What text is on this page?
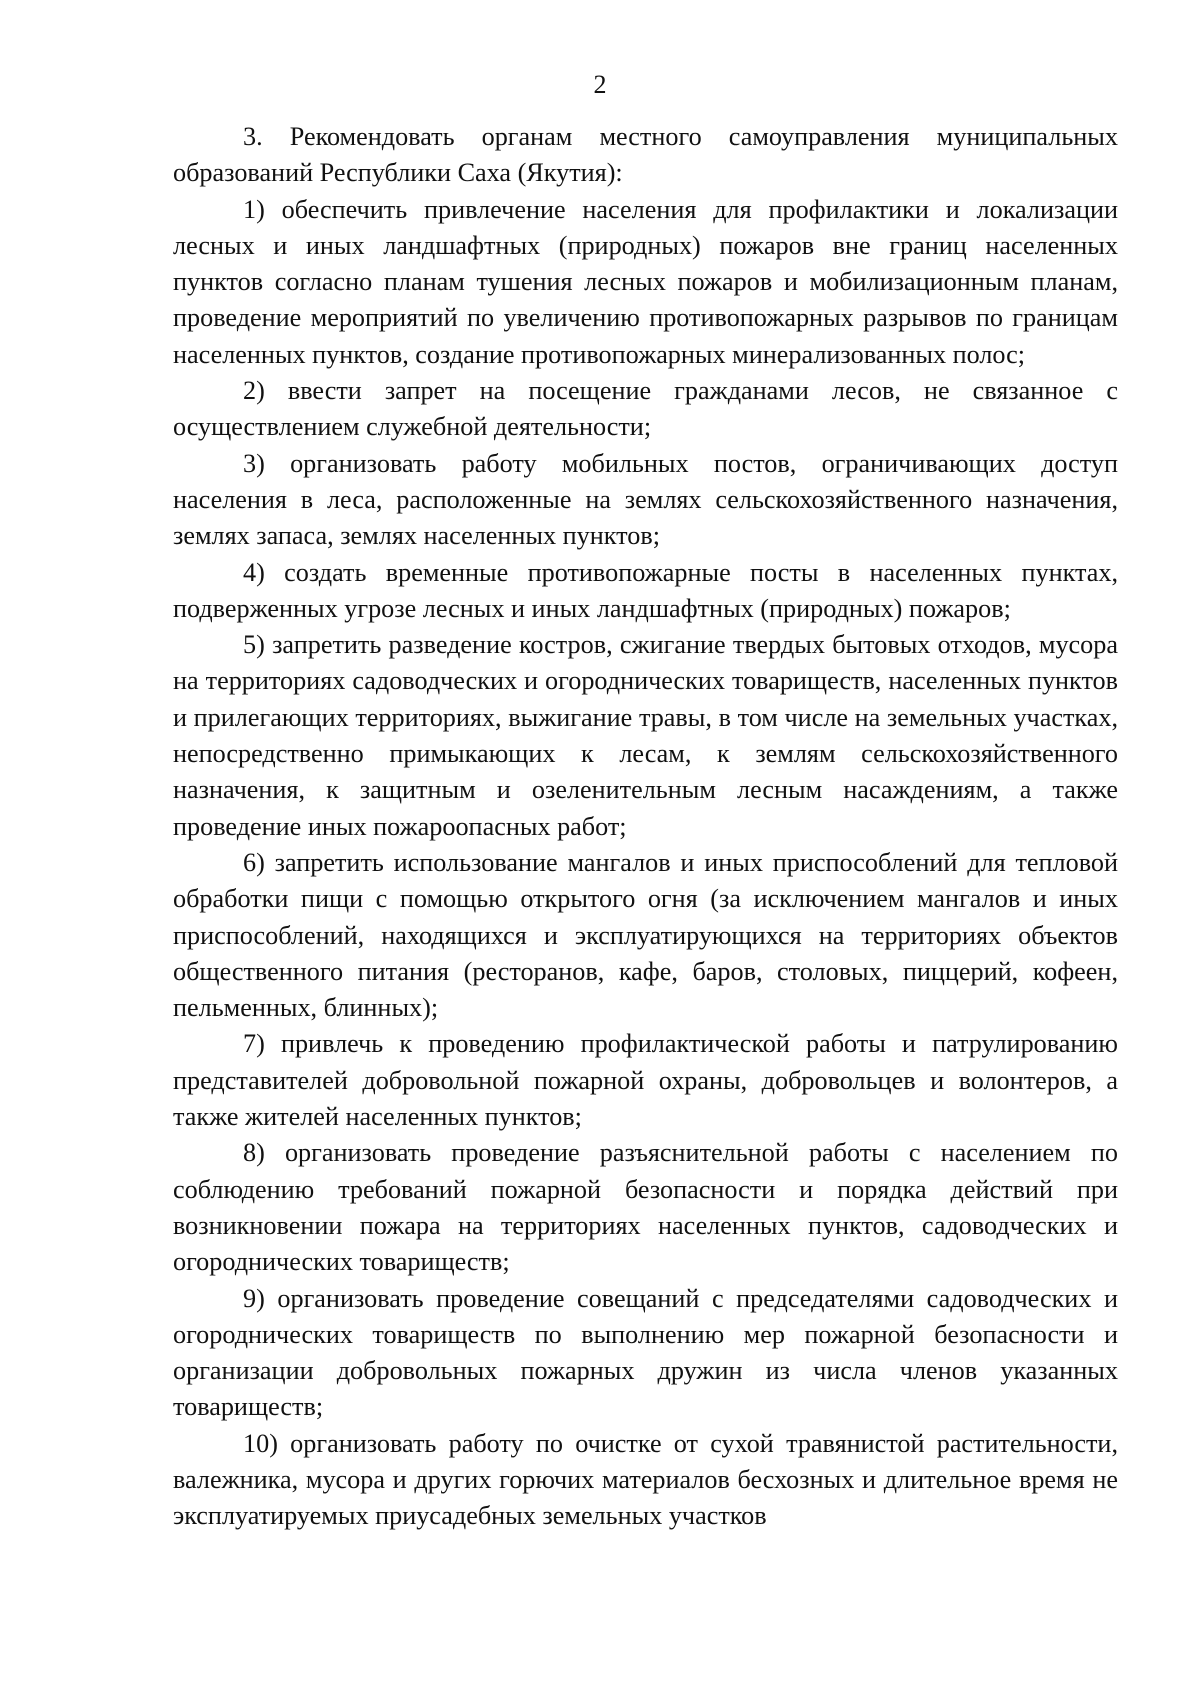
2

3. Рекомендовать органам местного самоуправления муниципальных образований Республики Саха (Якутия):

1) обеспечить привлечение населения для профилактики и локализации лесных и иных ландшафтных (природных) пожаров вне границ населенных пунктов согласно планам тушения лесных пожаров и мобилизационным планам, проведение мероприятий по увеличению противопожарных разрывов по границам населенных пунктов, создание противопожарных минерализованных полос;

2) ввести запрет на посещение гражданами лесов, не связанное с осуществлением служебной деятельности;

3) организовать работу мобильных постов, ограничивающих доступ населения в леса, расположенные на землях сельскохозяйственного назначения, землях запаса, землях населенных пунктов;

4) создать временные противопожарные посты в населенных пунктах, подверженных угрозе лесных и иных ландшафтных (природных) пожаров;

5) запретить разведение костров, сжигание твердых бытовых отходов, мусора на территориях садоводческих и огороднических товариществ, населенных пунктов и прилегающих территориях, выжигание травы, в том числе на земельных участках, непосредственно примыкающих к лесам, к землям сельскохозяйственного назначения, к защитным и озеленительным лесным насаждениям, а также проведение иных пожароопасных работ;

6) запретить использование мангалов и иных приспособлений для тепловой обработки пищи с помощью открытого огня (за исключением мангалов и иных приспособлений, находящихся и эксплуатирующихся на территориях объектов общественного питания (ресторанов, кафе, баров, столовых, пиццерий, кофеен, пельменных, блинных);

7) привлечь к проведению профилактической работы и патрулированию представителей добровольной пожарной охраны, добровольцев и волонтеров, а также жителей населенных пунктов;

8) организовать проведение разъяснительной работы с населением по соблюдению требований пожарной безопасности и порядка действий при возникновении пожара на территориях населенных пунктов, садоводческих и огороднических товариществ;

9) организовать проведение совещаний с председателями садоводческих и огороднических товариществ по выполнению мер пожарной безопасности и организации добровольных пожарных дружин из числа членов указанных товариществ;

10) организовать работу по очистке от сухой травянистой растительности, валежника, мусора и других горючих материалов бесхозных и длительное время не эксплуатируемых приусадебных земельных участков
